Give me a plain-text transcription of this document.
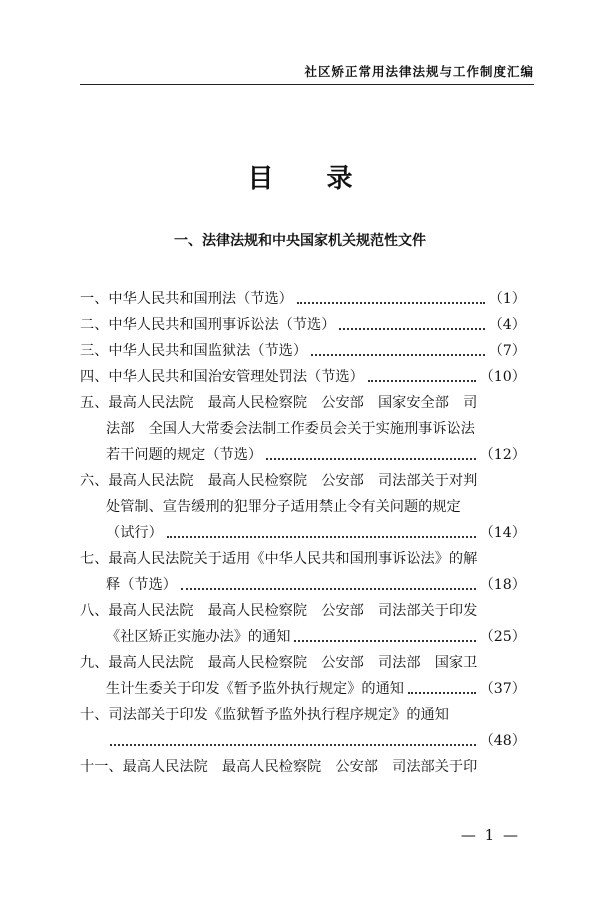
社区矫正常用法律法规与工作制度汇编
目 录
一、法律法规和中央国家机关规范性文件
一、中华人民共和国刑法（节选）	（1）
二、中华人民共和国刑事诉讼法（节选）	（4）
三、中华人民共和国监狱法（节选）	（7）
四、中华人民共和国治安管理处罚法（节选）	（10）
五、最高人民法院　最高人民检察院　公安部　国家安全部　司
法部　全国人大常委会法制工作委员会关于实施刑事诉讼法
若干问题的规定（节选）	（12）
六、最高人民法院　最高人民检察院　公安部　司法部关于对判
处管制、宣告缓刑的犯罪分子适用禁止令有关问题的规定
（试行）	（14）
七、最高人民法院关于适用《中华人民共和国刑事诉讼法》的解
释（节选）	（18）
八、最高人民法院　最高人民检察院　公安部　司法部关于印发
《社区矫正实施办法》的通知	（25）
九、最高人民法院　最高人民检察院　公安部　司法部　国家卫
生计生委关于印发《暂予监外执行规定》的通知	（37）
十、司法部关于印发《监狱暂予监外执行程序规定》的通知
（48）
十一、最高人民法院　最高人民检察院　公安部　司法部关于印
— 1 —
